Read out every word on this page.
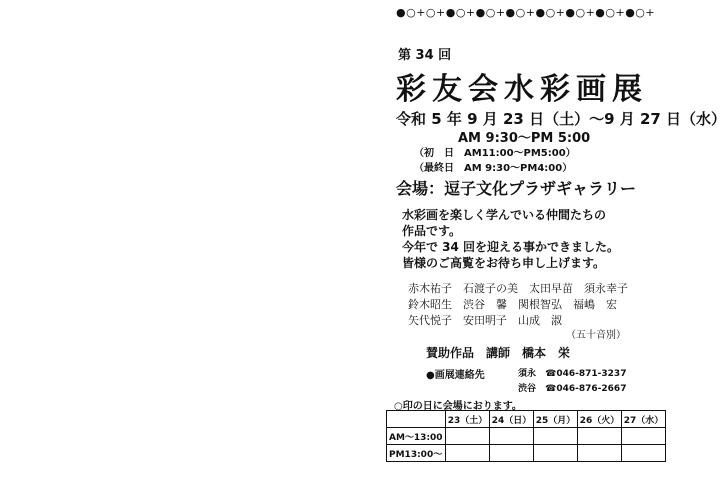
●○+○+●○+●○+●○+●○+●○+●○+●○+
第 34 回
彩友会水彩画展
令和 5 年 9 月 23 日（土）～9 月 27 日（水）
AM 9:30～PM 5:00
（初　日　AM11:00～PM5:00）
（最終日　AM 9:30～PM4:00）
会場：逗子文化プラザギャラリー
水彩画を楽しく学んでいる仲間たちの
作品です。
今年で 34 回を迎える事かできました。
皆様のご高覧をお待ち申し上げます。
赤木祐子　石渡子の美　太田早苗　須永幸子
鈴木昭生　渋谷　馨　関根智弘　福嶋　宏
矢代悦子　安田明子　山成　淑
（五十音別）
賛助作品　講師　橋本　栄
●画展連絡先	須永 ☎046-871-3237
渋谷 ☎046-876-2667
○印の日に会場におります。
	23（土）	24（日）	25（月）	26（火）	27（水）
AM～13:00					
PM13:00～					
